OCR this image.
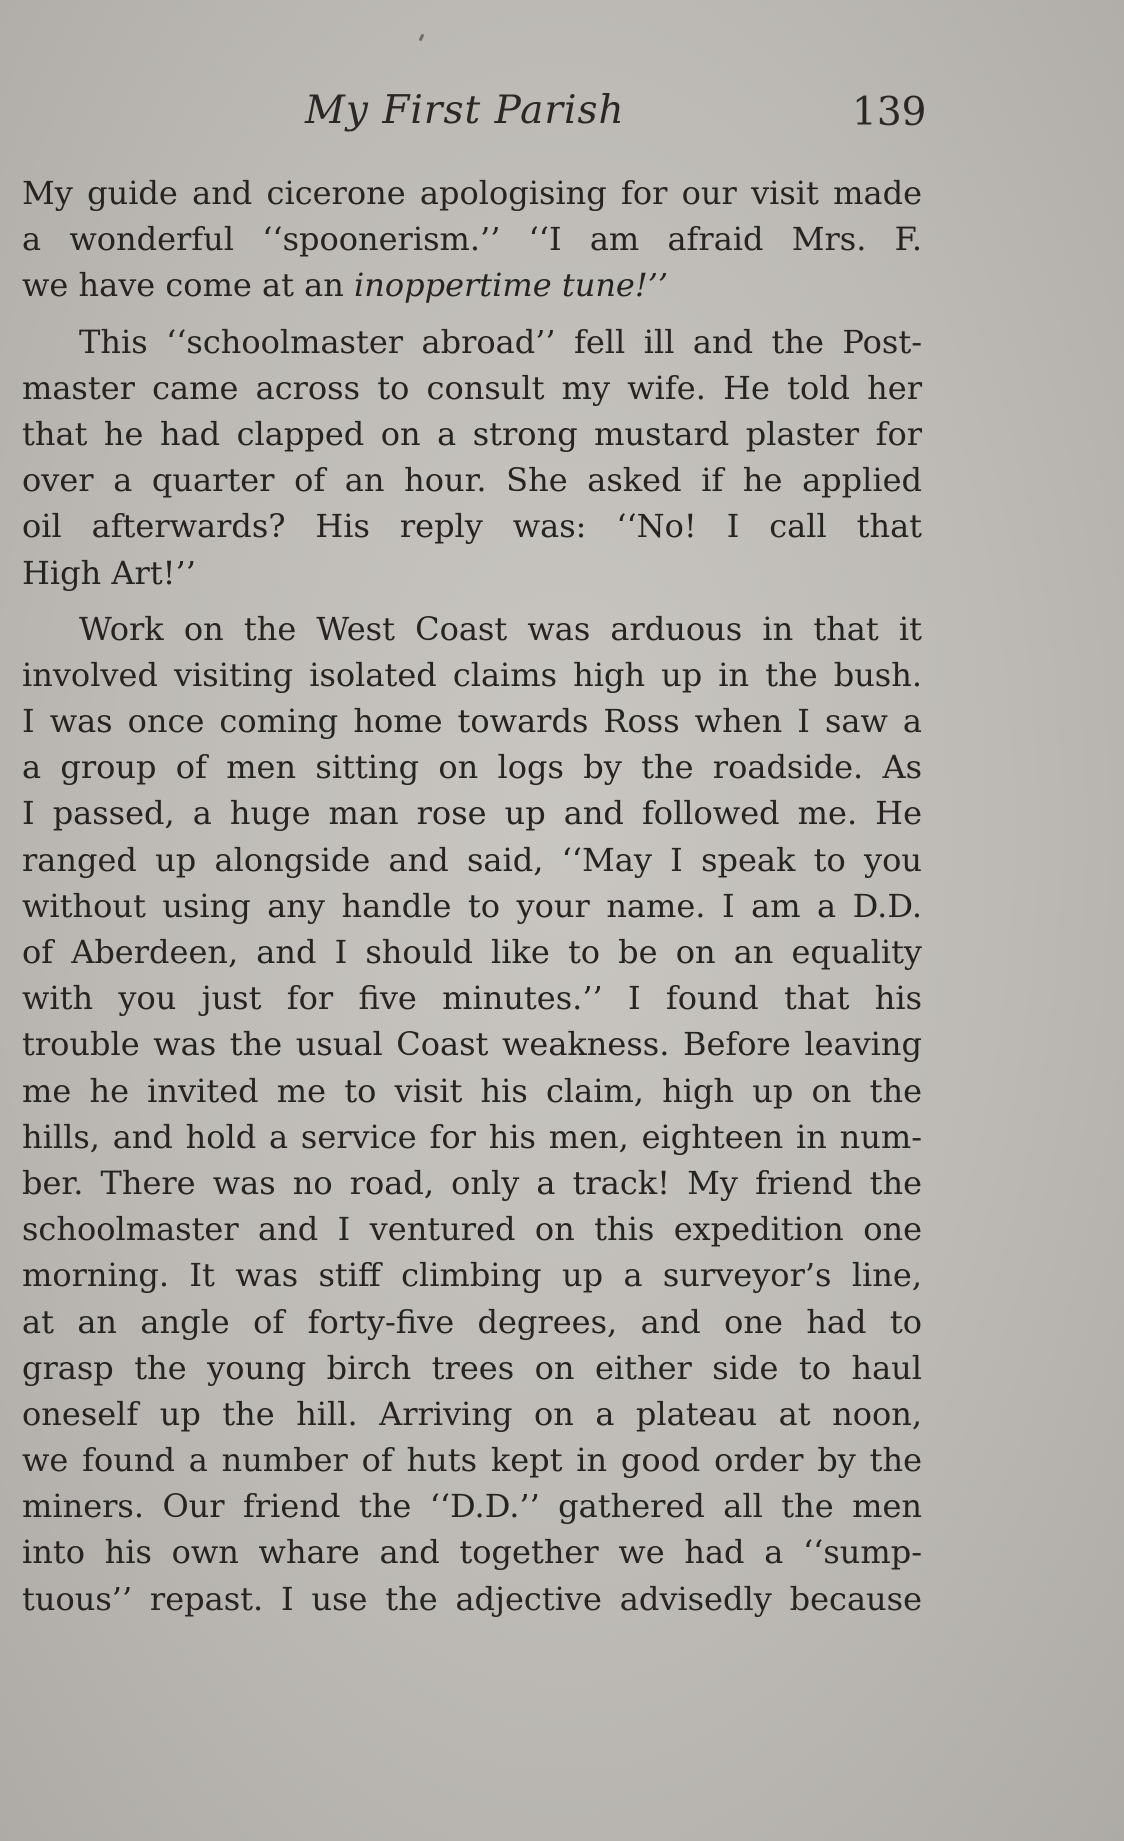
My First Parish	139
My guide and cicerone apologising for our visit made
a wonderful ‘‘spoonerism.’’ ‘‘I am afraid Mrs. F.
we have come at an inoppertime tune!’’
This ‘‘schoolmaster abroad’’ fell ill and the Post-
master came across to consult my wife. He told her
that he had clapped on a strong mustard plaster for
over a quarter of an hour. She asked if he applied
oil afterwards? His reply was: ‘‘No! I call that
High Art!’’
Work on the West Coast was arduous in that it
involved visiting isolated claims high up in the bush.
I was once coming home towards Ross when I saw a
a group of men sitting on logs by the roadside. As
I passed, a huge man rose up and followed me. He
ranged up alongside and said, ‘‘May I speak to you
without using any handle to your name. I am a D.D.
of Aberdeen, and I should like to be on an equality
with you just for five minutes.’’ I found that his
trouble was the usual Coast weakness. Before leaving
me he invited me to visit his claim, high up on the
hills, and hold a service for his men, eighteen in num-
ber. There was no road, only a track! My friend the
schoolmaster and I ventured on this expedition one
morning. It was stiff climbing up a surveyor’s line,
at an angle of forty-five degrees, and one had to
grasp the young birch trees on either side to haul
oneself up the hill. Arriving on a plateau at noon,
we found a number of huts kept in good order by the
miners. Our friend the ‘‘D.D.’’ gathered all the men
into his own whare and together we had a ‘‘sump-
tuous’’ repast. I use the adjective advisedly because
